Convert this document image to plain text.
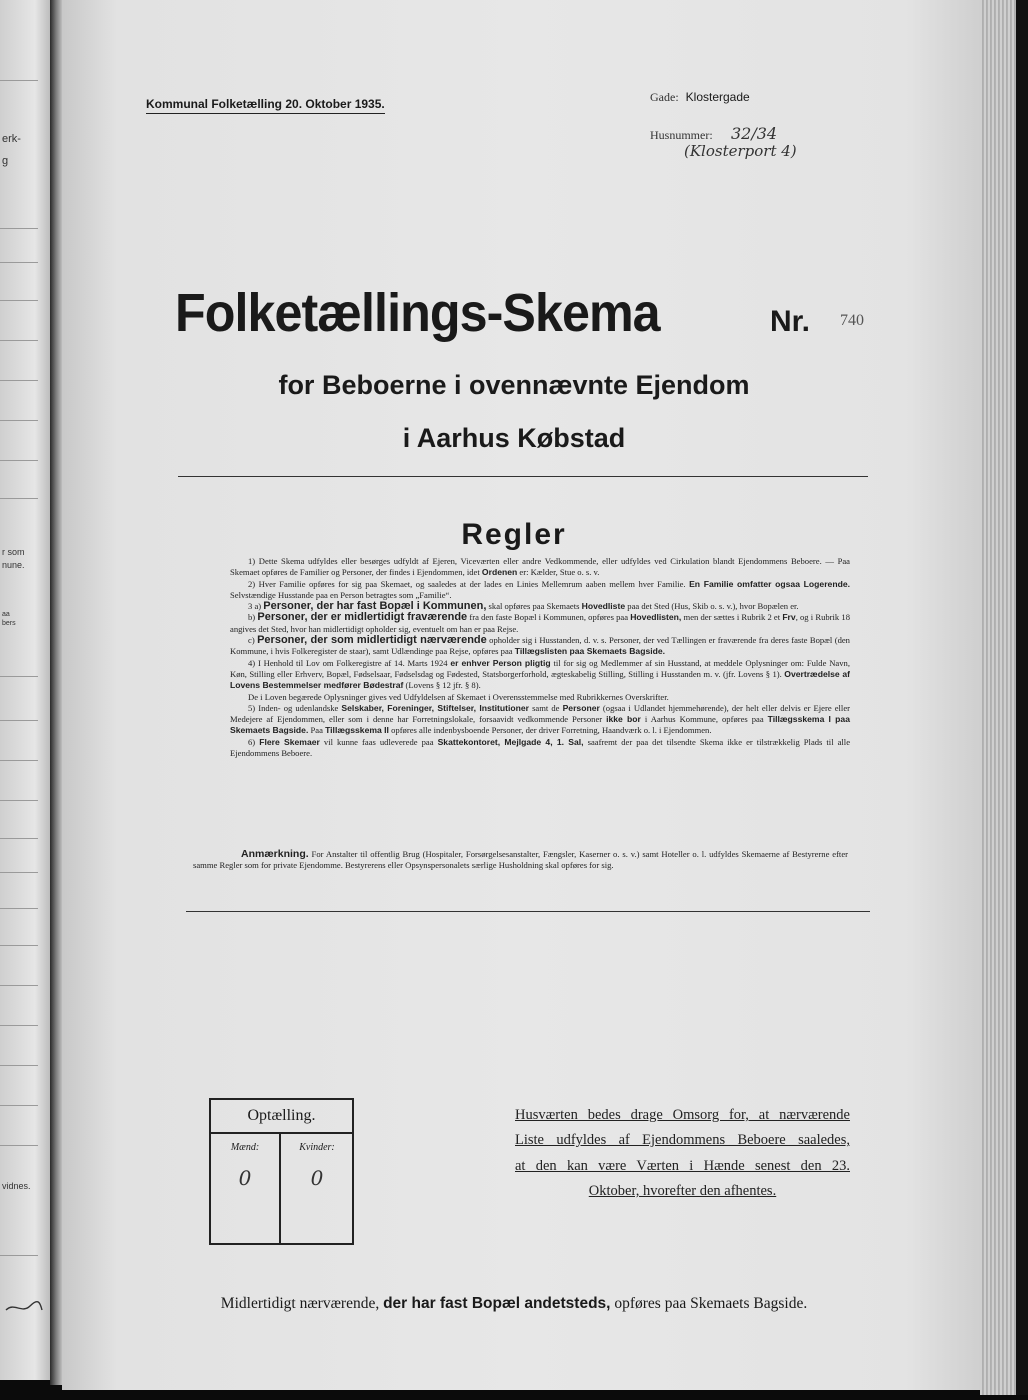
erk-
g
r som
nune.
aa
bers
vidnes.
Kommunal Folketælling 20. Oktober 1935.	Gade: Klostergade
Husnummer: 32/34
(Klosterport 4)
Folketællings-Skema	Nr. 740
for Beboerne i ovennævnte Ejendom
i Aarhus Købstad
Regler

1) Dette Skema udfyldes eller besørges udfyldt af Ejeren, Viceværten eller andre Vedkommende, eller udfyldes ved Cirkulation blandt Ejendommens Beboere. — Paa Skemaet opføres de Familier og Personer, der findes i Ejendommen, idet Ordenen er: Kælder, Stue o. s. v.

2) Hver Familie opføres for sig paa Skemaet, og saaledes at der lades en Linies Mellemrum aaben mellem hver Familie. En Familie omfatter ogsaa Logerende. Selvstændige Husstande paa en Person betragtes som „Familie“.

3 a) Personer, der har fast Bopæl i Kommunen, skal opføres paa Skemaets Hovedliste paa det Sted (Hus, Skib o. s. v.), hvor Bopælen er.

b) Personer, der er midlertidigt fraværende fra den faste Bopæl i Kommunen, opføres paa Hovedlisten, men der sættes i Rubrik 2 et Frv, og i Rubrik 18 angives det Sted, hvor han midlertidigt opholder sig, eventuelt om han er paa Rejse.

c) Personer, der som midlertidigt nærværende opholder sig i Husstanden, d. v. s. Personer, der ved Tællingen er fraværende fra deres faste Bopæl (den Kommune, i hvis Folkeregister de staar), samt Udlændinge paa Rejse, opføres paa Tillægslisten paa Skemaets Bagside.

4) I Henhold til Lov om Folkeregistre af 14. Marts 1924 er enhver Person pligtig til for sig og Medlemmer af sin Husstand, at meddele Oplysninger om: Fulde Navn, Køn, Stilling eller Erhverv, Bopæl, Fødselsaar, Fødselsdag og Fødested, Statsborgerforhold, ægteskabelig Stilling, Stilling i Husstanden m. v. (jfr. Lovens § 1). Overtrædelse af Lovens Bestemmelser medfører Bødestraf (Lovens § 12 jfr. § 8).

De i Loven begærede Oplysninger gives ved Udfyldelsen af Skemaet i Overensstemmelse med Rubrikkernes Overskrifter.

5) Inden- og udenlandske Selskaber, Foreninger, Stiftelser, Institutioner samt de Personer (ogsaa i Udlandet hjemmehørende), der helt eller delvis er Ejere eller Medejere af Ejendommen, eller som i denne har Forretningslokale, forsaavidt vedkommende Personer ikke bor i Aarhus Kommune, opføres paa Tillægsskema I paa Skemaets Bagside. Paa Tillægsskema II opføres alle indenbysboende Personer, der driver Forretning, Haandværk o. l. i Ejendommen.

6) Flere Skemaer vil kunne faas udleverede paa Skattekontoret, Mejlgade 4, 1. Sal, saafremt der paa det tilsendte Skema ikke er tilstrækkelig Plads til alle Ejendommens Beboere.

Anmærkning. For Anstalter til offentlig Brug (Hospitaler, Forsørgelsesanstalter, Fængsler, Kaserner o. s. v.) samt Hoteller o. l. udfyldes Skemaerne af Bestyrerne efter samme Regler som for private Ejendomme. Bestyrerens eller Opsynspersonalets særlige Husholdning skal opføres for sig.

Optælling.
Mænd:	Kvinder:
0	0
Husværten bedes drage Omsorg for, at nærværende
Liste udfyldes af Ejendommens Beboere saaledes,
at den kan være Værten i Hænde senest den 23.
Oktober, hvorefter den afhentes.
Midlertidigt nærværende, der har fast Bopæl andetsteds, opføres paa Skemaets Bagside.
